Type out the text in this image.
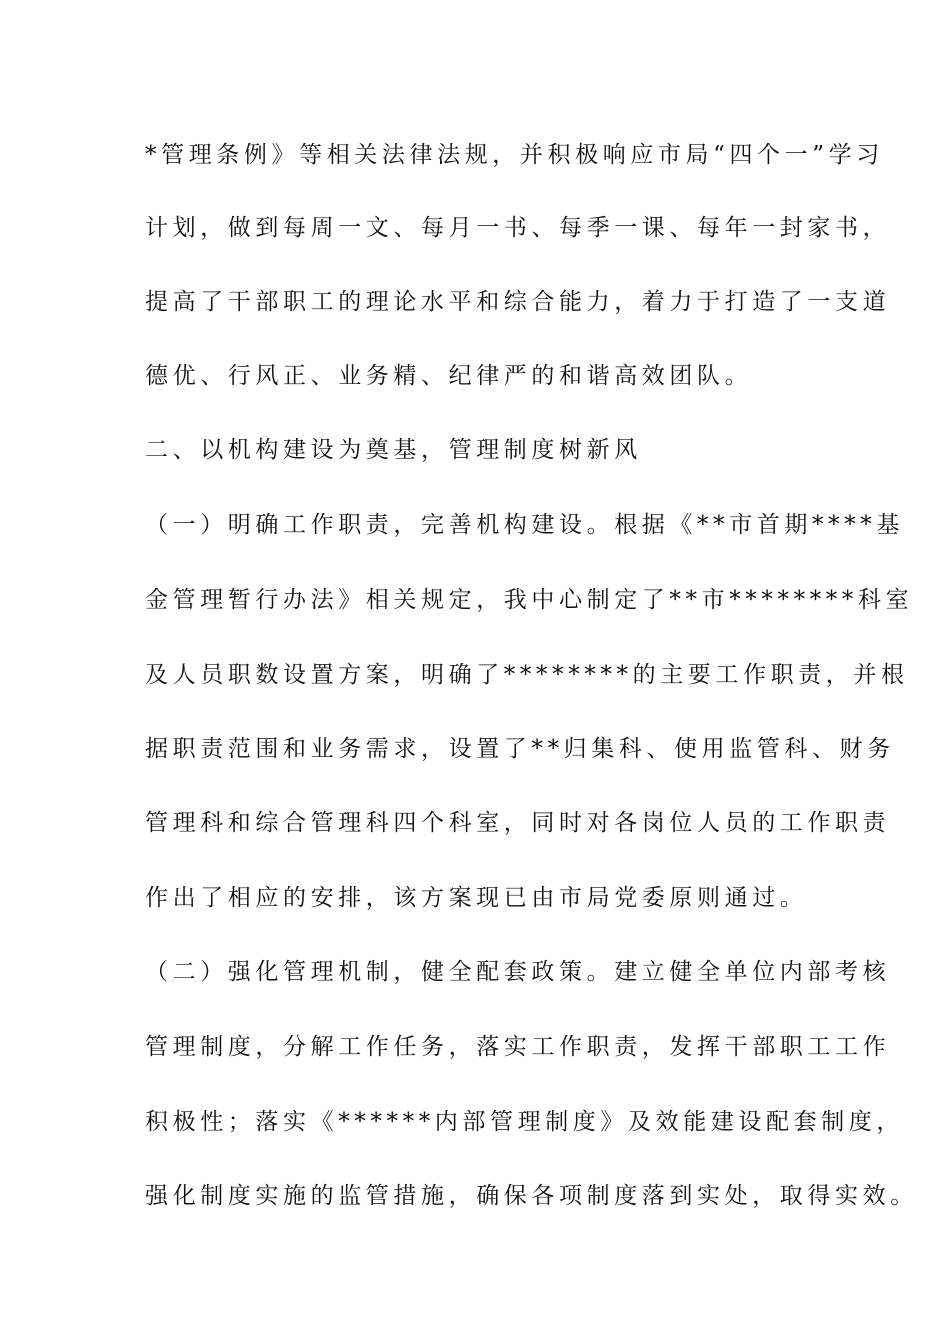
*管理条例》等相关法律法规，并积极响应市局“四个一”学习
计划，做到每周一文、每月一书、每季一课、每年一封家书，
提高了干部职工的理论水平和综合能力，着力于打造了一支道
德优、行风正、业务精、纪律严的和谐高效团队。
二、以机构建设为奠基，管理制度树新风
（一）明确工作职责，完善机构建设。根据《**市首期****基
金管理暂行办法》相关规定，我中心制定了**市********科室
及人员职数设置方案，明确了********的主要工作职责，并根
据职责范围和业务需求，设置了**归集科、使用监管科、财务
管理科和综合管理科四个科室，同时对各岗位人员的工作职责
作出了相应的安排，该方案现已由市局党委原则通过。
（二）强化管理机制，健全配套政策。建立健全单位内部考核
管理制度，分解工作任务，落实工作职责，发挥干部职工工作
积极性；落实《******内部管理制度》及效能建设配套制度，
强化制度实施的监管措施，确保各项制度落到实处，取得实效。
